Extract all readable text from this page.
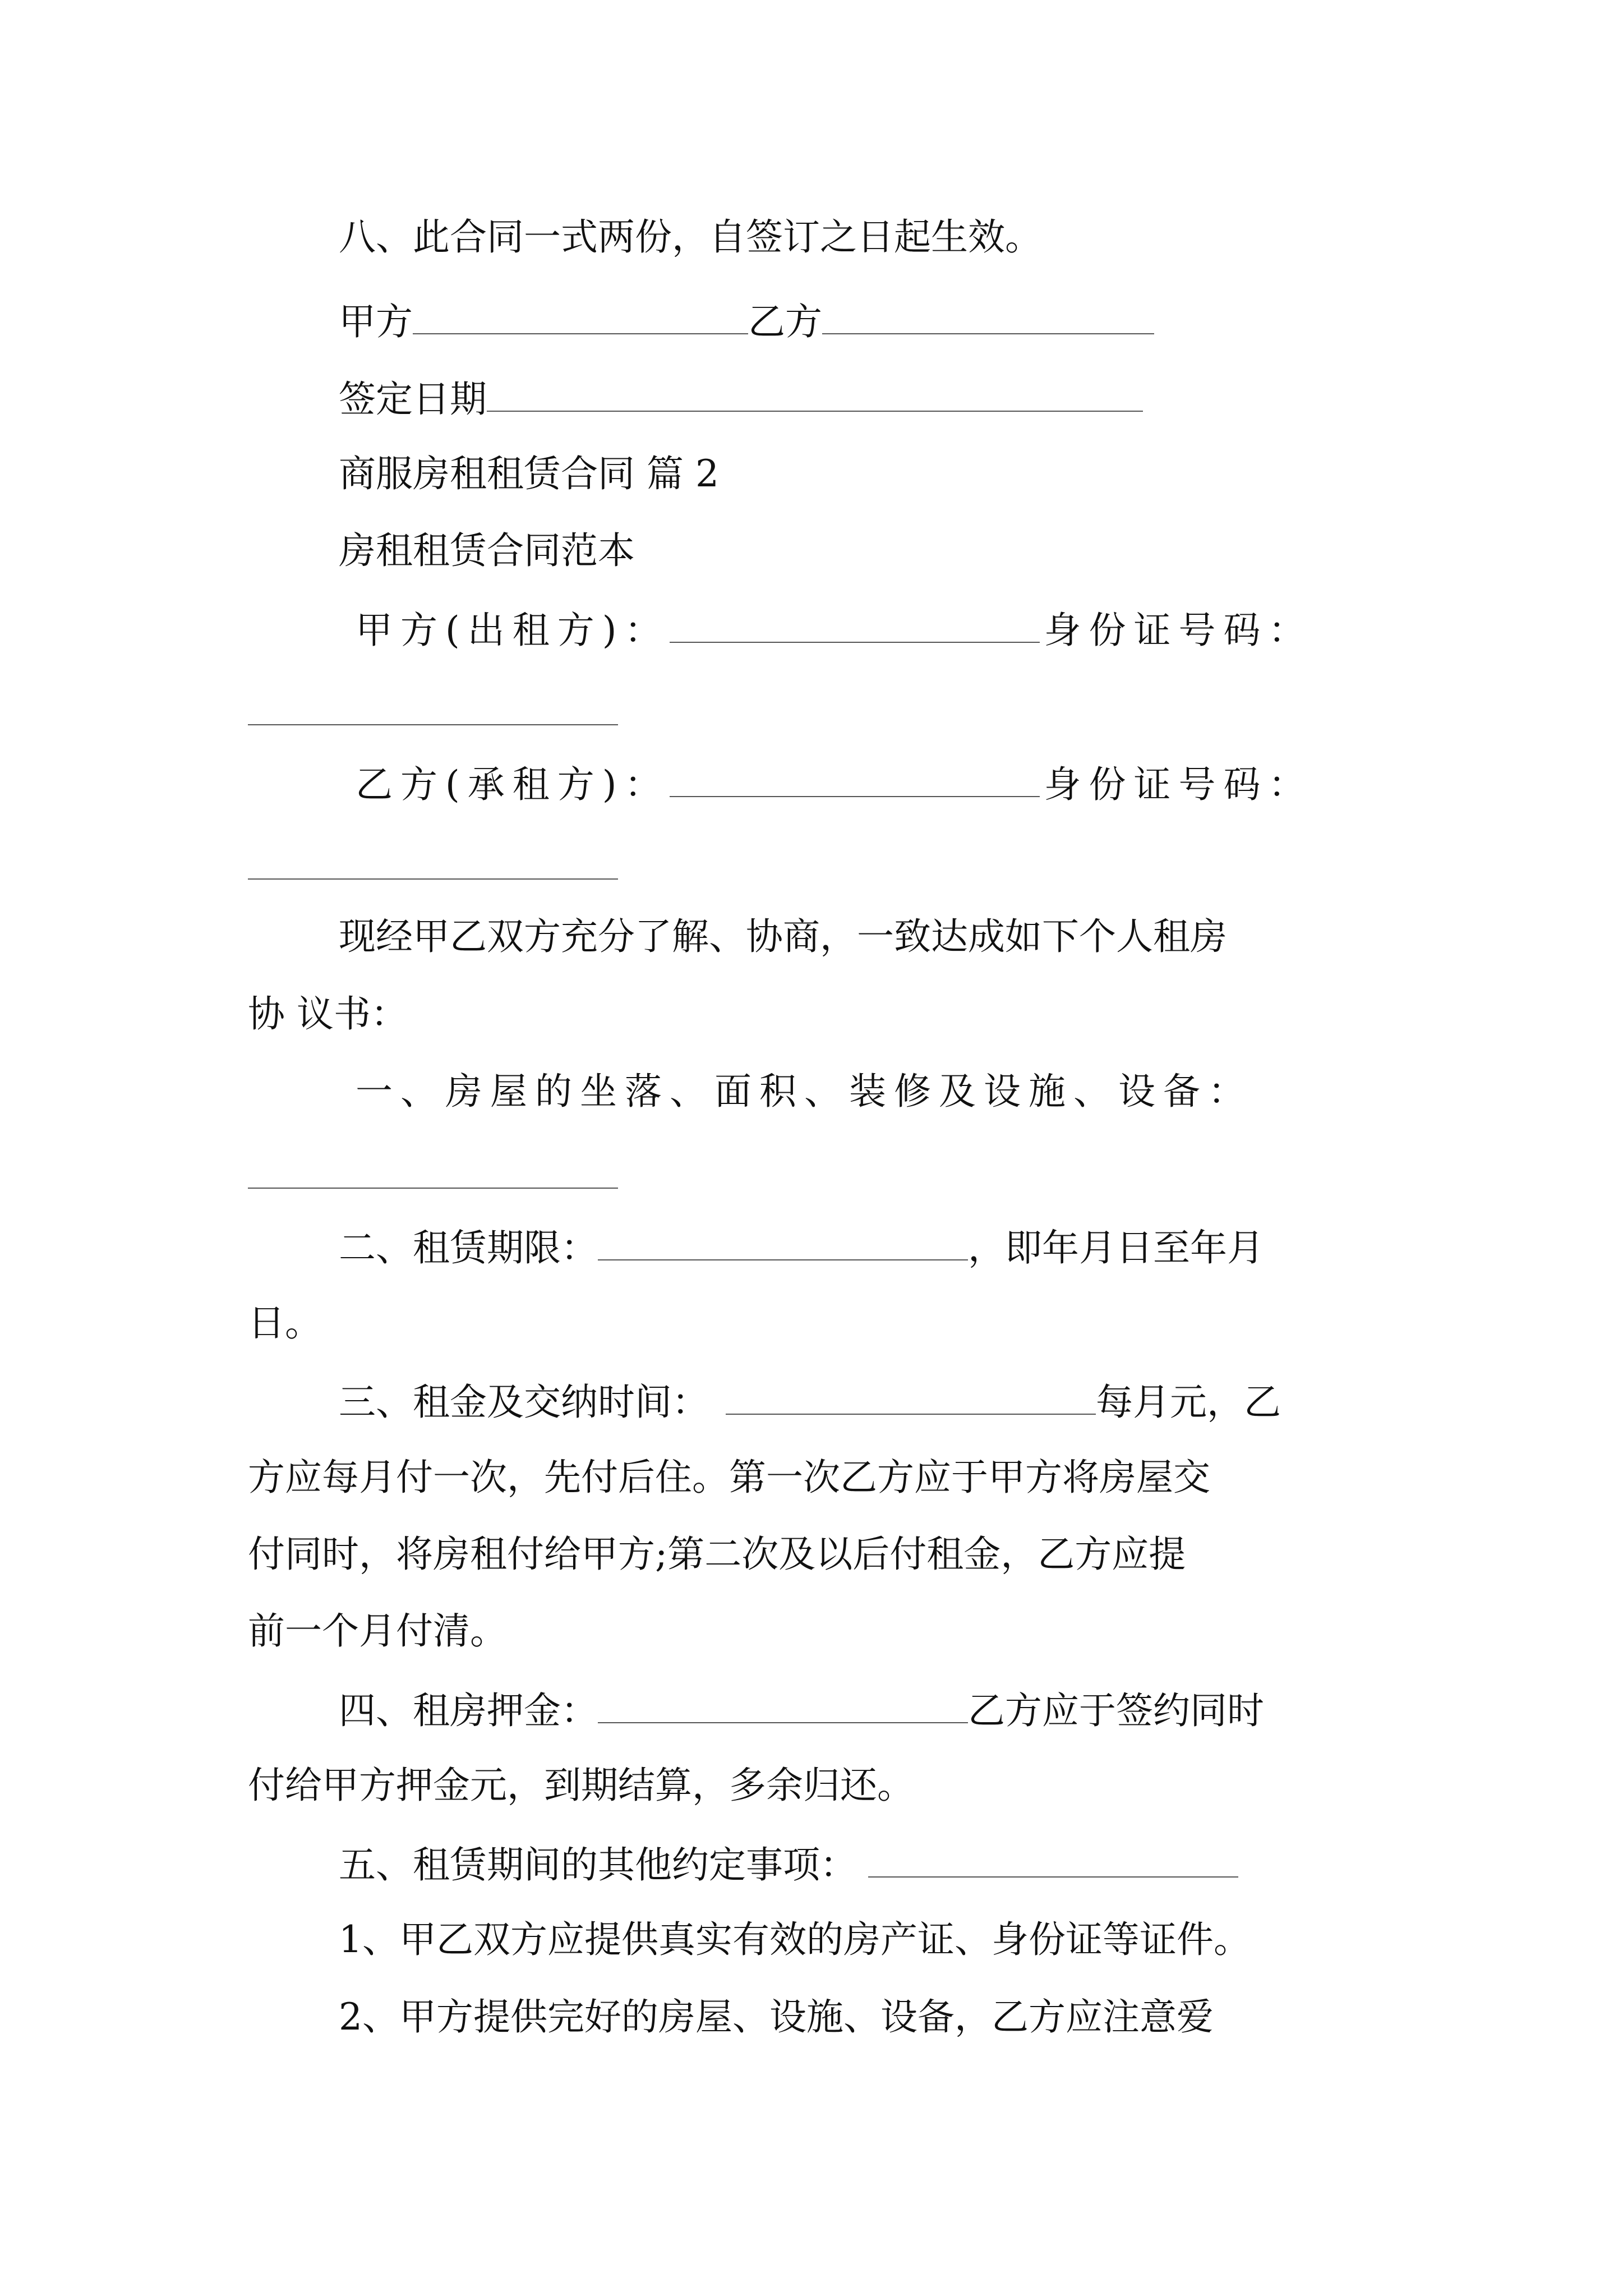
八、此合同一式两份，自签订之日起生效。
甲方	乙方
签定日期
商服房租租赁合同 篇 2
房租租赁合同范本
甲方(出租方)：	身份证号码：
乙方(承租方)：	身份证号码：
现经甲乙双方充分了解、协商，一致达成如下个人租房
协 议书：
一、房屋的坐落、面积、装修及设施、设备：
二、租赁期限：	，即年月日至年月
日。
三、租金及交纳时间：	每月元，乙
方应每月付一次，先付后住。第一次乙方应于甲方将房屋交
付同时，将房租付给甲方;第二次及以后付租金，乙方应提
前一个月付清。
四、租房押金：	乙方应于签约同时
付给甲方押金元，到期结算，多余归还。
五、租赁期间的其他约定事项：
1、甲乙双方应提供真实有效的房产证、身份证等证件。
2、甲方提供完好的房屋、设施、设备，乙方应注意爱
